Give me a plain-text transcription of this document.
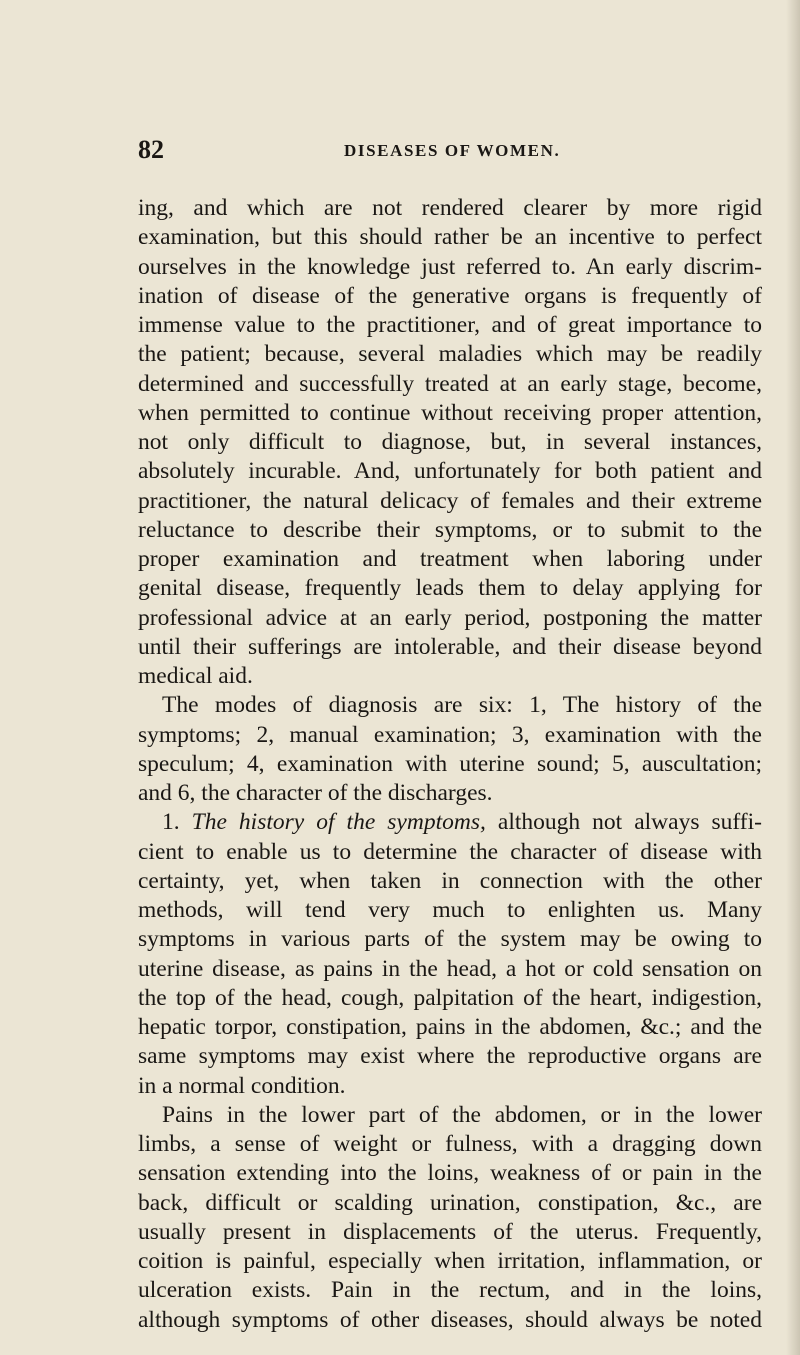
82	DISEASES OF WOMEN.
ing, and which are not rendered clearer by more rigid
examination, but this should rather be an incentive to perfect
ourselves in the knowledge just referred to. An early discrim-
ination of disease of the generative organs is frequently of
immense value to the practitioner, and of great importance to
the patient; because, several maladies which may be readily
determined and successfully treated at an early stage, become,
when permitted to continue without receiving proper attention,
not only difficult to diagnose, but, in several instances,
absolutely incurable. And, unfortunately for both patient and
practitioner, the natural delicacy of females and their extreme
reluctance to describe their symptoms, or to submit to the
proper examination and treatment when laboring under
genital disease, frequently leads them to delay applying for
professional advice at an early period, postponing the matter
until their sufferings are intolerable, and their disease beyond
medical aid.
The modes of diagnosis are six: 1, The history of the
symptoms; 2, manual examination; 3, examination with the
speculum; 4, examination with uterine sound; 5, auscultation;
and 6, the character of the discharges.
1. The history of the symptoms, although not always suffi-
cient to enable us to determine the character of disease with
certainty, yet, when taken in connection with the other
methods, will tend very much to enlighten us. Many
symptoms in various parts of the system may be owing to
uterine disease, as pains in the head, a hot or cold sensation on
the top of the head, cough, palpitation of the heart, indigestion,
hepatic torpor, constipation, pains in the abdomen, &c.; and the
same symptoms may exist where the reproductive organs are
in a normal condition.
Pains in the lower part of the abdomen, or in the lower
limbs, a sense of weight or fulness, with a dragging down
sensation extending into the loins, weakness of or pain in the
back, difficult or scalding urination, constipation, &c., are
usually present in displacements of the uterus. Frequently,
coition is painful, especially when irritation, inflammation, or
ulceration exists. Pain in the rectum, and in the loins,
although symptoms of other diseases, should always be noted
